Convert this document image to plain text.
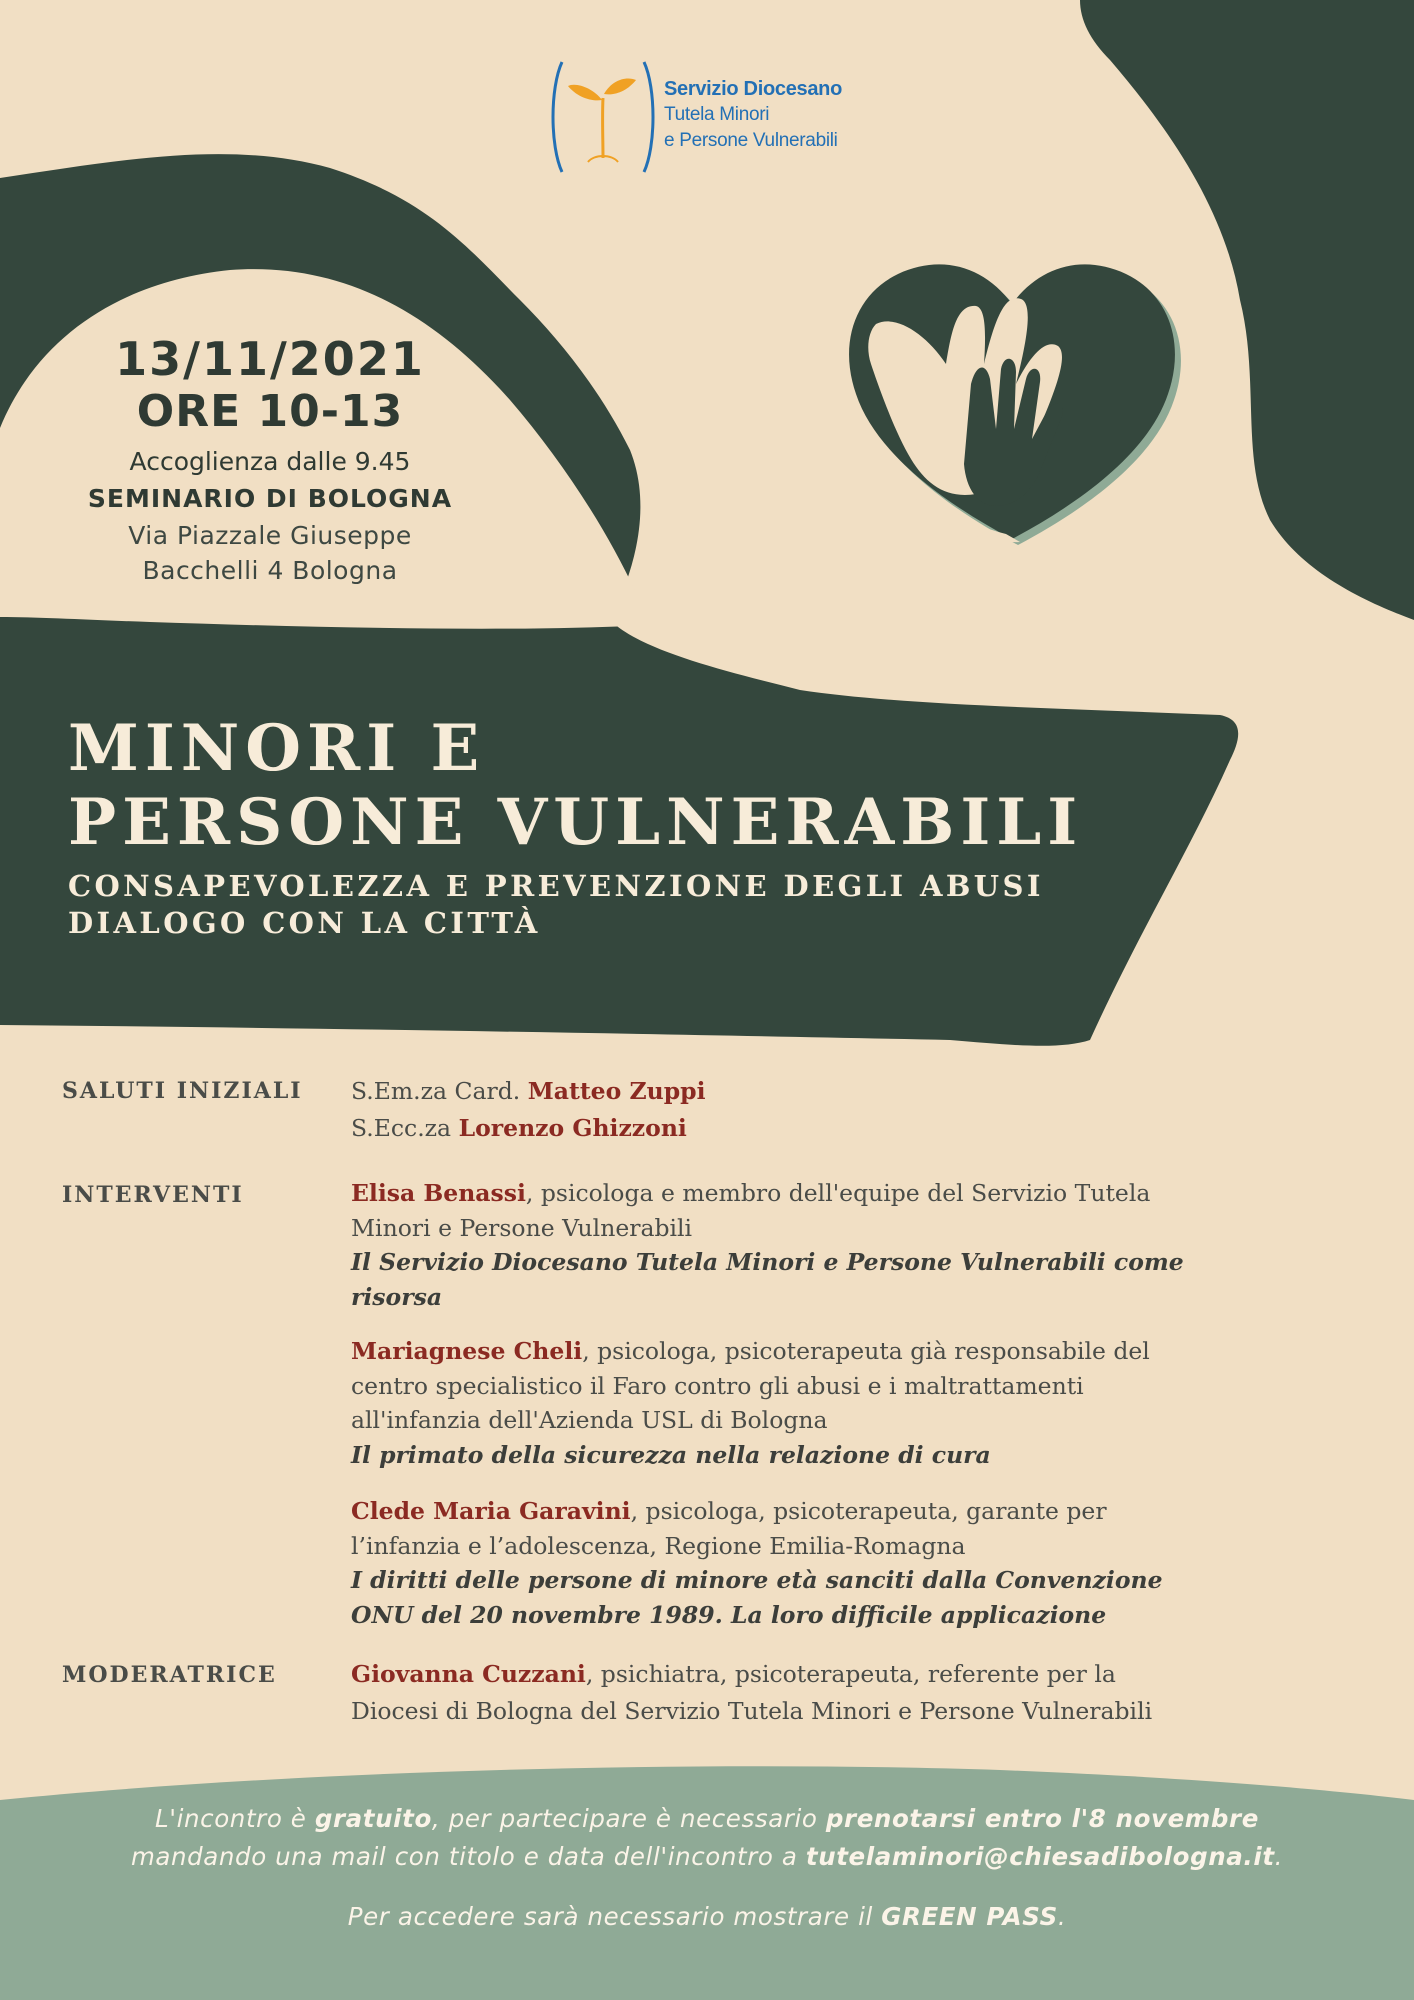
Servizio Diocesano
Tutela Minori
e Persone Vulnerabili
13/11/2021
ORE 10-13
Accoglienza dalle 9.45
SEMINARIO DI BOLOGNA
Via Piazzale Giuseppe
Bacchelli 4 Bologna
MINORI E
PERSONE VULNERABILI
CONSAPEVOLEZZA E PREVENZIONE DEGLI ABUSI
DIALOGO CON LA CITTÀ
SALUTI INIZIALI S.Em.za Card. Matteo Zuppi
S.Ecc.za Lorenzo Ghizzoni
INTERVENTI	Elisa Benassi, psicologa e membro dell'equipe del Servizio Tutela
Minori e Persone Vulnerabili
Il Servizio Diocesano Tutela Minori e Persone Vulnerabili come
risorsa
Mariagnese Cheli, psicologa, psicoterapeuta già responsabile del
centro specialistico il Faro contro gli abusi e i maltrattamenti
all'infanzia dell'Azienda USL di Bologna
Il primato della sicurezza nella relazione di cura
Clede Maria Garavini, psicologa, psicoterapeuta, garante per
l’infanzia e l’adolescenza, Regione Emilia-Romagna
I diritti delle persone di minore età sanciti dalla Convenzione
ONU del 20 novembre 1989. La loro difficile applicazione
MODERATRICE	Giovanna Cuzzani, psichiatra, psicoterapeuta, referente per la
Diocesi di Bologna del Servizio Tutela Minori e Persone Vulnerabili
L'incontro è gratuito, per partecipare è necessario prenotarsi entro l'8 novembre
mandando una mail con titolo e data dell'incontro a tutelaminori@chiesadibologna.it.
Per accedere sarà necessario mostrare il GREEN PASS.
